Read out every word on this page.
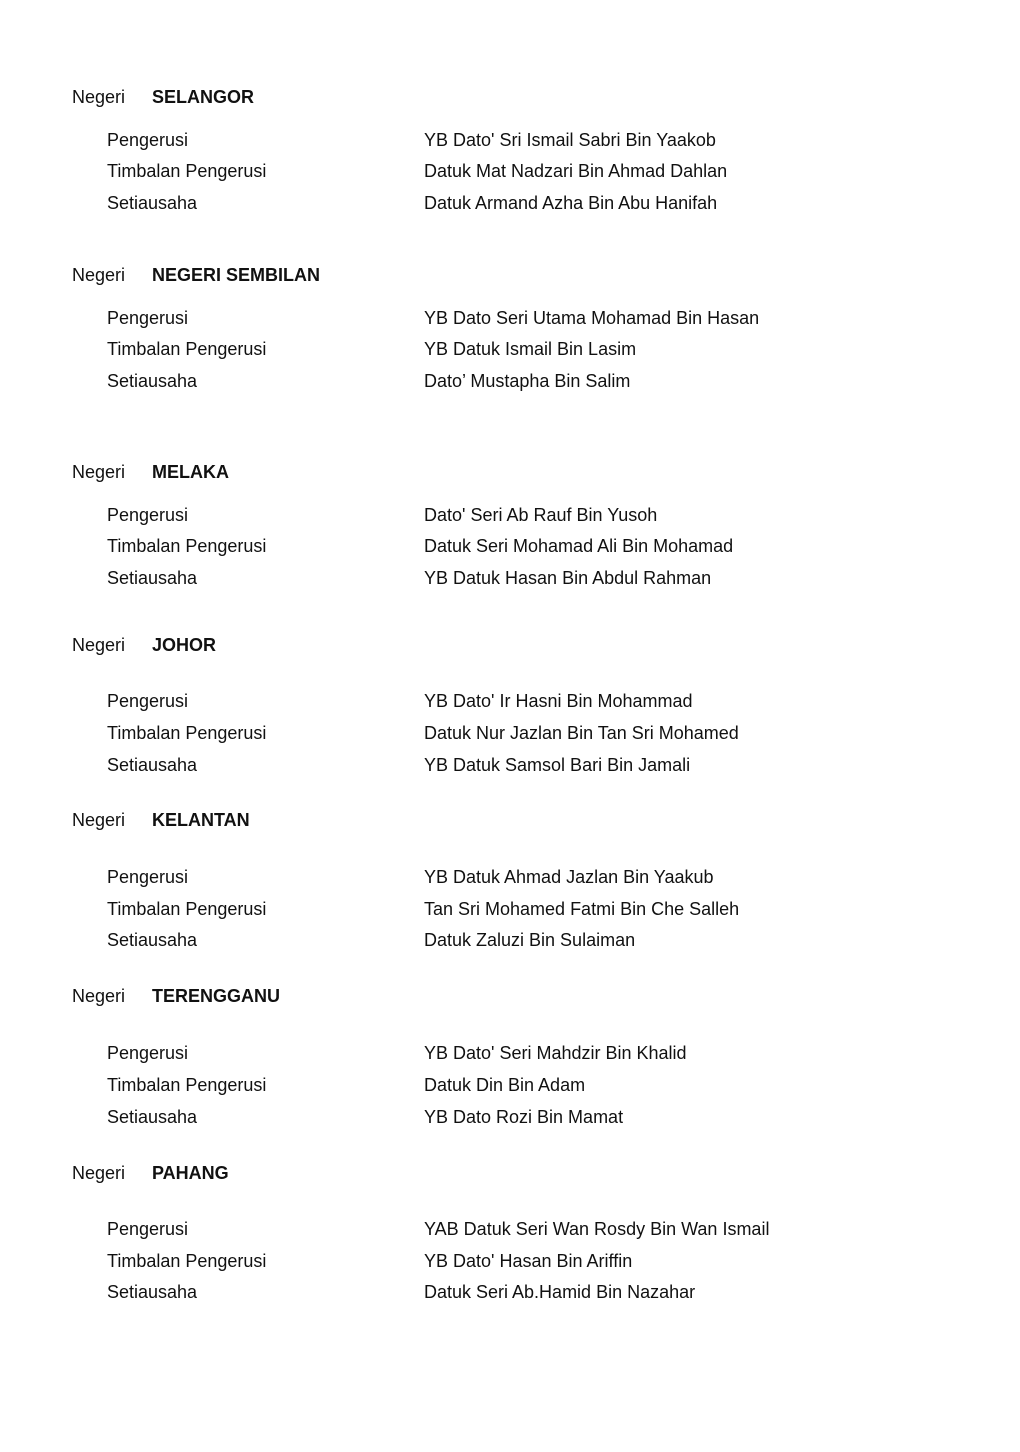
Negeri SELANGOR
Pengerusi	YB Dato' Sri Ismail Sabri Bin Yaakob
Timbalan Pengerusi	Datuk Mat Nadzari Bin Ahmad Dahlan
Setiausaha	Datuk Armand Azha Bin Abu Hanifah
Negeri NEGERI SEMBILAN
Pengerusi	YB Dato Seri Utama Mohamad Bin Hasan
Timbalan Pengerusi	YB Datuk Ismail Bin Lasim
Setiausaha	Dato’ Mustapha Bin Salim
Negeri MELAKA
Pengerusi	Dato' Seri Ab Rauf Bin Yusoh
Timbalan Pengerusi	Datuk Seri Mohamad Ali Bin Mohamad
Setiausaha	YB Datuk Hasan Bin Abdul Rahman
Negeri JOHOR
Pengerusi	YB Dato' Ir Hasni Bin Mohammad
Timbalan Pengerusi	Datuk Nur Jazlan Bin Tan Sri Mohamed
Setiausaha	YB Datuk Samsol Bari Bin Jamali
Negeri KELANTAN
Pengerusi	YB Datuk Ahmad Jazlan Bin Yaakub
Timbalan Pengerusi	Tan Sri Mohamed Fatmi Bin Che Salleh
Setiausaha	Datuk Zaluzi Bin Sulaiman
Negeri TERENGGANU
Pengerusi	YB Dato' Seri Mahdzir Bin Khalid
Timbalan Pengerusi	Datuk Din Bin Adam
Setiausaha	YB Dato Rozi Bin Mamat
Negeri PAHANG
Pengerusi	YAB Datuk Seri Wan Rosdy Bin Wan Ismail
Timbalan Pengerusi	YB Dato' Hasan Bin Ariffin
Setiausaha	Datuk Seri Ab.Hamid Bin Nazahar
